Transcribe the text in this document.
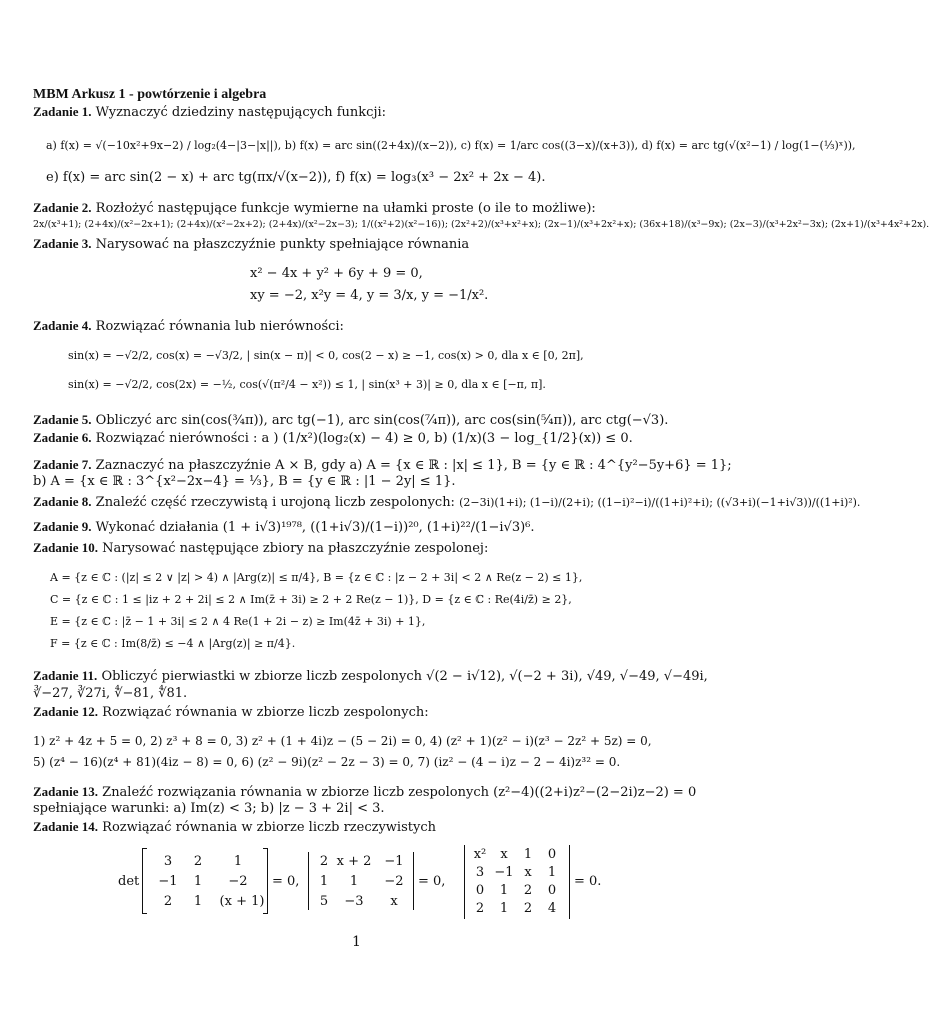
MBM Arkusz 1 - powtórzenie i algebra
Zadanie 1. Wyznaczyć dziedziny następujących funkcji:
a) f(x) = √(−10x²+9x−2) / log₂(4−|3−|x||), b) f(x) = arc sin((2+4x)/(x−2)), c) f(x) = 1/arc cos((3−x)/(x+3)), d) f(x) = arc tg(√(x²−1) / log(1−(⅓)ˣ)),
e) f(x) = arc sin(2 − x) + arc tg(πx/√(x−2)), f) f(x) = log₃(x³ − 2x² + 2x − 4).
Zadanie 2. Rozłożyć następujące funkcje wymierne na ułamki proste (o ile to możliwe):
2x/(x³+1); (2+4x)/(x²−2x+1); (2+4x)/(x²−2x+2); (2+4x)/(x²−2x−3); 1/((x²+2)(x²−16)); (2x²+2)/(x³+x²+x); (2x−1)/(x³+2x²+x); (36x+18)/(x³−9x); (2x−3)/(x³+2x²−3x); (2x+1)/(x³+4x²+2x).
Zadanie 3. Narysować na płaszczyźnie punkty spełniające równania
x² − 4x + y² + 6y + 9 = 0,
xy = −2, x²y = 4, y = 3/x, y = −1/x².
Zadanie 4. Rozwiązać równania lub nierówności:
sin(x) = −√2/2, cos(x) = −√3/2, | sin(x − π)| < 0, cos(2 − x) ≥ −1, cos(x) > 0, dla x ∈ [0, 2π],
sin(x) = −√2/2, cos(2x) = −½, cos(√(π²/4 − x²)) ≤ 1, | sin(x³ + 3)| ≥ 0, dla x ∈ [−π, π].
Zadanie 5. Obliczyć arc sin(cos(¾π)), arc tg(−1), arc sin(cos(⁷⁄₄π)), arc cos(sin(⁵⁄₄π)), arc ctg(−√3).
Zadanie 6. Rozwiązać nierówności : a ) (1/x²)(log₂(x) − 4) ≥ 0, b) (1/x)(3 − log_{1/2}(x)) ≤ 0.
Zadanie 7. Zaznaczyć na płaszczyźnie A × B, gdy a) A = {x ∈ ℝ : |x| ≤ 1}, B = {y ∈ ℝ : 4^{y²−5y+6} = 1};
b) A = {x ∈ ℝ : 3^{x²−2x−4} = ⅓}, B = {y ∈ ℝ : |1 − 2y| ≤ 1}.
Zadanie 8. Znaleźć część rzeczywistą i urojoną liczb zespolonych: (2−3i)(1+i); (1−i)/(2+i); ((1−i)²−i)/((1+i)²+i); ((√3+i)(−1+i√3))/((1+i)²).
Zadanie 9. Wykonać działania (1 + i√3)¹⁹⁷⁸, ((1+i√3)/(1−i))²⁰, (1+i)²²/(1−i√3)⁶.
Zadanie 10. Narysować następujące zbiory na płaszczyźnie zespolonej:
A = {z ∈ ℂ : (|z| ≤ 2 ∨ |z| > 4) ∧ |Arg(z)| ≤ π/4}, B = {z ∈ ℂ : |z − 2 + 3i| < 2 ∧ Re(z − 2) ≤ 1},
C = {z ∈ ℂ : 1 ≤ |iz + 2 + 2i| ≤ 2 ∧ Im(z̄ + 3i) ≥ 2 + 2 Re(z − 1)}, D = {z ∈ ℂ : Re(4i/z̄) ≥ 2},
E = {z ∈ ℂ : |z̄ − 1 + 3i| ≤ 2 ∧ 4 Re(1 + 2i − z) ≥ Im(4z̄ + 3i) + 1},
F = {z ∈ ℂ : Im(8/z̄) ≤ −4 ∧ |Arg(z)| ≥ π/4}.
Zadanie 11. Obliczyć pierwiastki w zbiorze liczb zespolonych √(2 − i√12), √(−2 + 3i), √49, √−49, √−49i,
∛−27, ∛27i, ∜−81, ∜81.
Zadanie 12. Rozwiązać równania w zbiorze liczb zespolonych:
1) z² + 4z + 5 = 0, 2) z³ + 8 = 0, 3) z² + (1 + 4i)z − (5 − 2i) = 0, 4) (z² + 1)(z² − i)(z³ − 2z² + 5z) = 0,
5) (z⁴ − 16)(z⁴ + 81)(4iz − 8) = 0, 6) (z² − 9i)(z² − 2z − 3) = 0, 7) (iz² − (4 − i)z − 2 − 4i)z³² = 0.
Zadanie 13. Znaleźć rozwiązania równania w zbiorze liczb zespolonych (z²−4)((2+i)z²−(2−2i)z−2) = 0
spełniające warunki: a) Im(z) < 3; b) |z − 3 + 2i| < 3.
Zadanie 14. Rozwiązać równania w zbiorze liczb rzeczywistych
det
3	2	1
−1	1	−2
2	1	(x + 1)
= 0,
2 x + 2	−1
1	1	−2
5	−3	x
= 0,
x²	x	1	0
3 −1 x	1
0	1	2	0
2	1	2	4
= 0.
1
